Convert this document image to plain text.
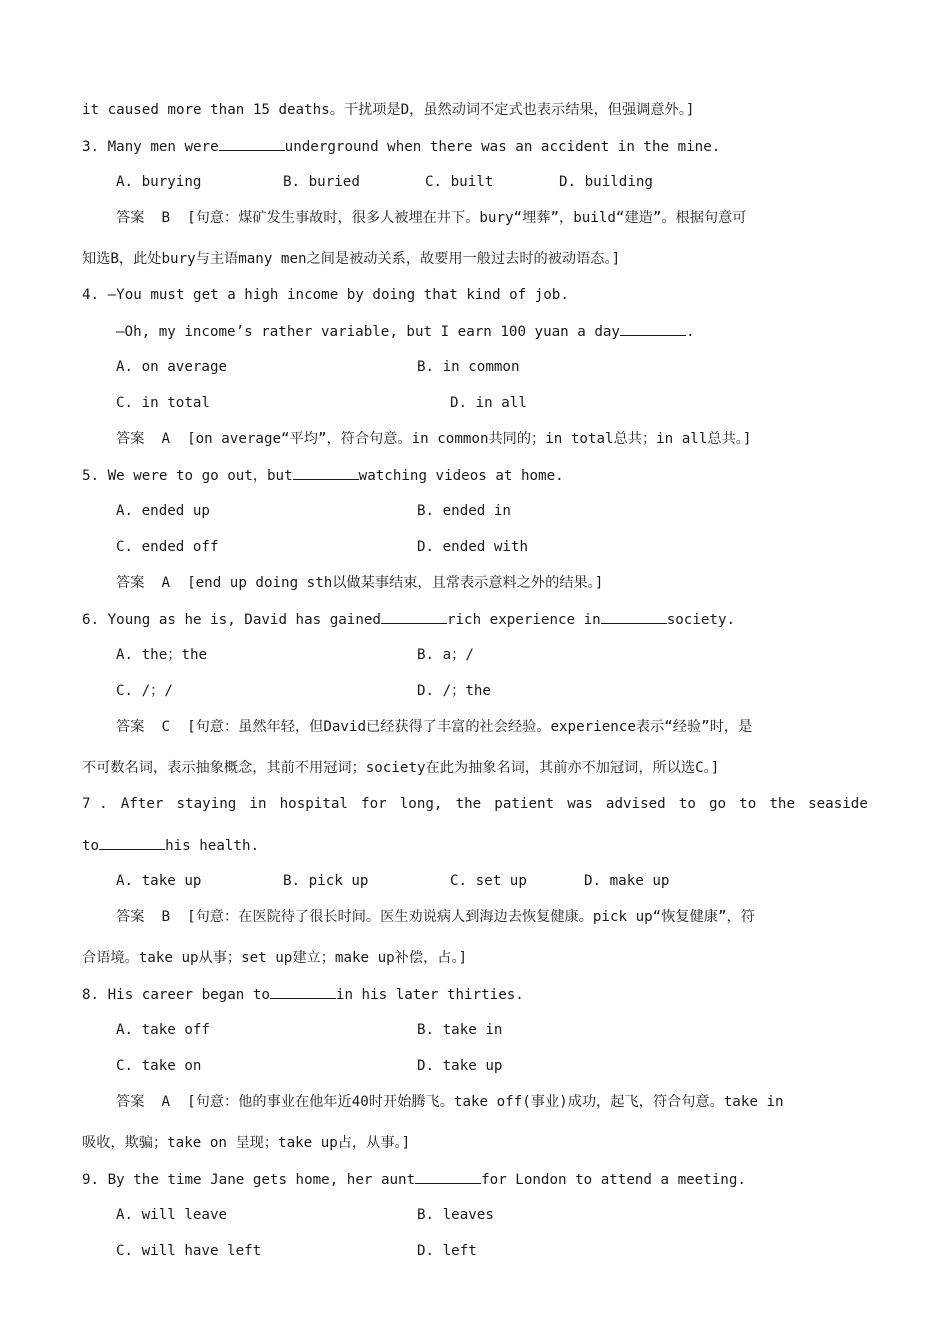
it caused more than 15 deaths。干扰项是D，虽然动词不定式也表示结果，但强调意外。]
3. Many men were	underground when there was an accident in the mine.
A. burying	B. buried	C. built	D. building
答案  B  [句意：煤矿发生事故时，很多人被埋在井下。bury“埋葬”，build“建造”。根据句意可
知选B，此处bury与主语many men之间是被动关系，故要用一般过去时的被动语态。]
4. —You must get a high income by doing that kind of job.
—Oh, my income’s rather variable, but I earn 100 yuan a day	.
A. on average	B. in common
C. in total	D. in all
答案  A  [on average“平均”，符合句意。in common共同的；in total总共；in all总共。]
5. We were to go out，but	watching videos at home.
A. ended up	B. ended in
C. ended off	D. ended with
答案  A  [end up doing sth以做某事结束，且常表示意料之外的结果。]
6. Young as he is, David has gained	rich experience in	society.
A. the；the	B. a；/
C. /；/	D. /；the
答案  C  [句意：虽然年轻，但David已经获得了丰富的社会经验。experience表示“经验”时，是
不可数名词，表示抽象概念，其前不用冠词；society在此为抽象名词，其前亦不加冠词，所以选C。]
7 . After staying in hospital for long, the patient was advised to go to the seaside
to	his health.
A. take up	B. pick up	C. set up	D. make up
答案  B  [句意：在医院待了很长时间。医生劝说病人到海边去恢复健康。pick up“恢复健康”，符
合语境。take up从事；set up建立；make up补偿，占。]
8. His career began to	in his later thirties.
A. take off	B. take in
C. take on	D. take up
答案  A  [句意：他的事业在他年近40时开始腾飞。take off(事业)成功，起飞，符合句意。take in
吸收，欺骗；take on 呈现；take up占，从事。]
9. By the time Jane gets home, her aunt	for London to attend a meeting.
A. will leave	B. leaves
C. will have left	D. left
